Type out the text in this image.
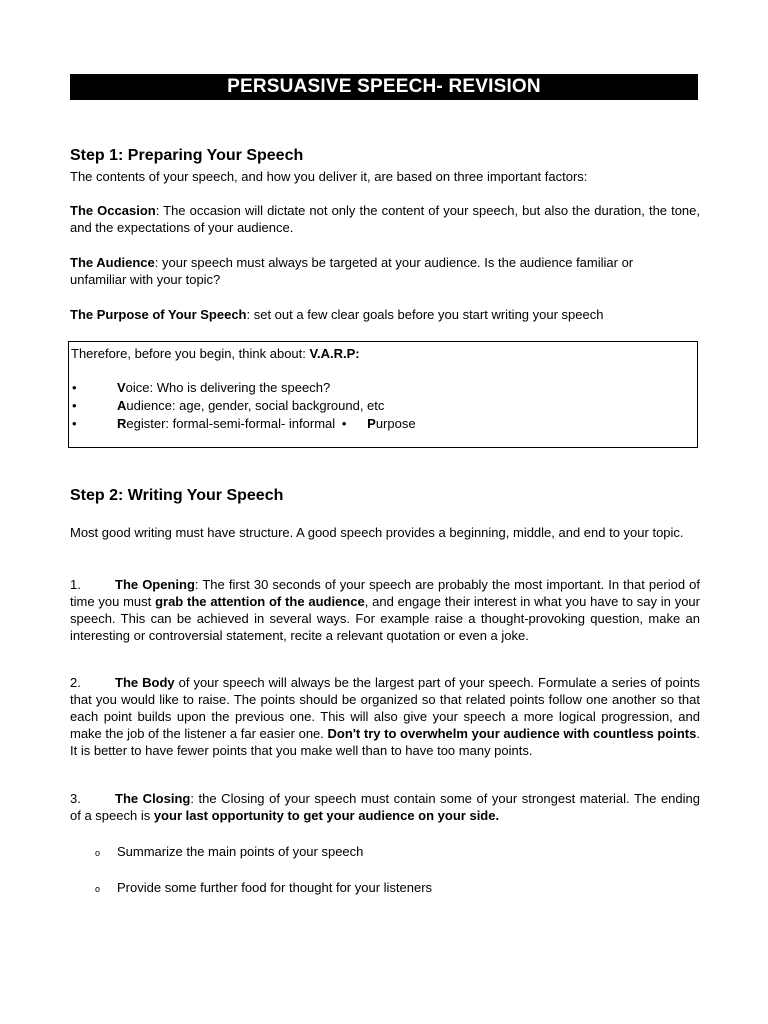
PERSUASIVE SPEECH- REVISION
Step 1: Preparing Your Speech

The contents of your speech, and how you deliver it, are based on three important factors:

The Occasion: The occasion will dictate not only the content of your speech, but also the duration, the tone, and the expectations of your audience.

The Audience: your speech must always be targeted at your audience. Is the audience familiar or unfamiliar with your topic?

The Purpose of Your Speech: set out a few clear goals before you start writing your speech

Therefore, before you begin, think about: V.A.R.P:
•	Voice: Who is delivering the speech?
•	Audience: age, gender, social background, etc
•	Register: formal-semi-formal- informal • Purpose
Step 2: Writing Your Speech

Most good writing must have structure. A good speech provides a beginning, middle, and end to your topic.

1.	The Opening: The first 30 seconds of your speech are probably the most important. In that period of time you must grab the attention of the audience, and engage their interest in what you have to say in your speech. This can be achieved in several ways. For example raise a thought-provoking question, make an interesting or controversial statement, recite a relevant quotation or even a joke.

2.	The Body of your speech will always be the largest part of your speech. Formulate a series of points that you would like to raise. The points should be organized so that related points follow one another so that each point builds upon the previous one. This will also give your speech a more logical progression, and make the job of the listener a far easier one. Don't try to overwhelm your audience with countless points. It is better to have fewer points that you make well than to have too many points.

3.	The Closing: the Closing of your speech must contain some of your strongest material. The ending of a speech is your last opportunity to get your audience on your side.

o Summarize the main points of your speech
o Provide some further food for thought for your listeners
